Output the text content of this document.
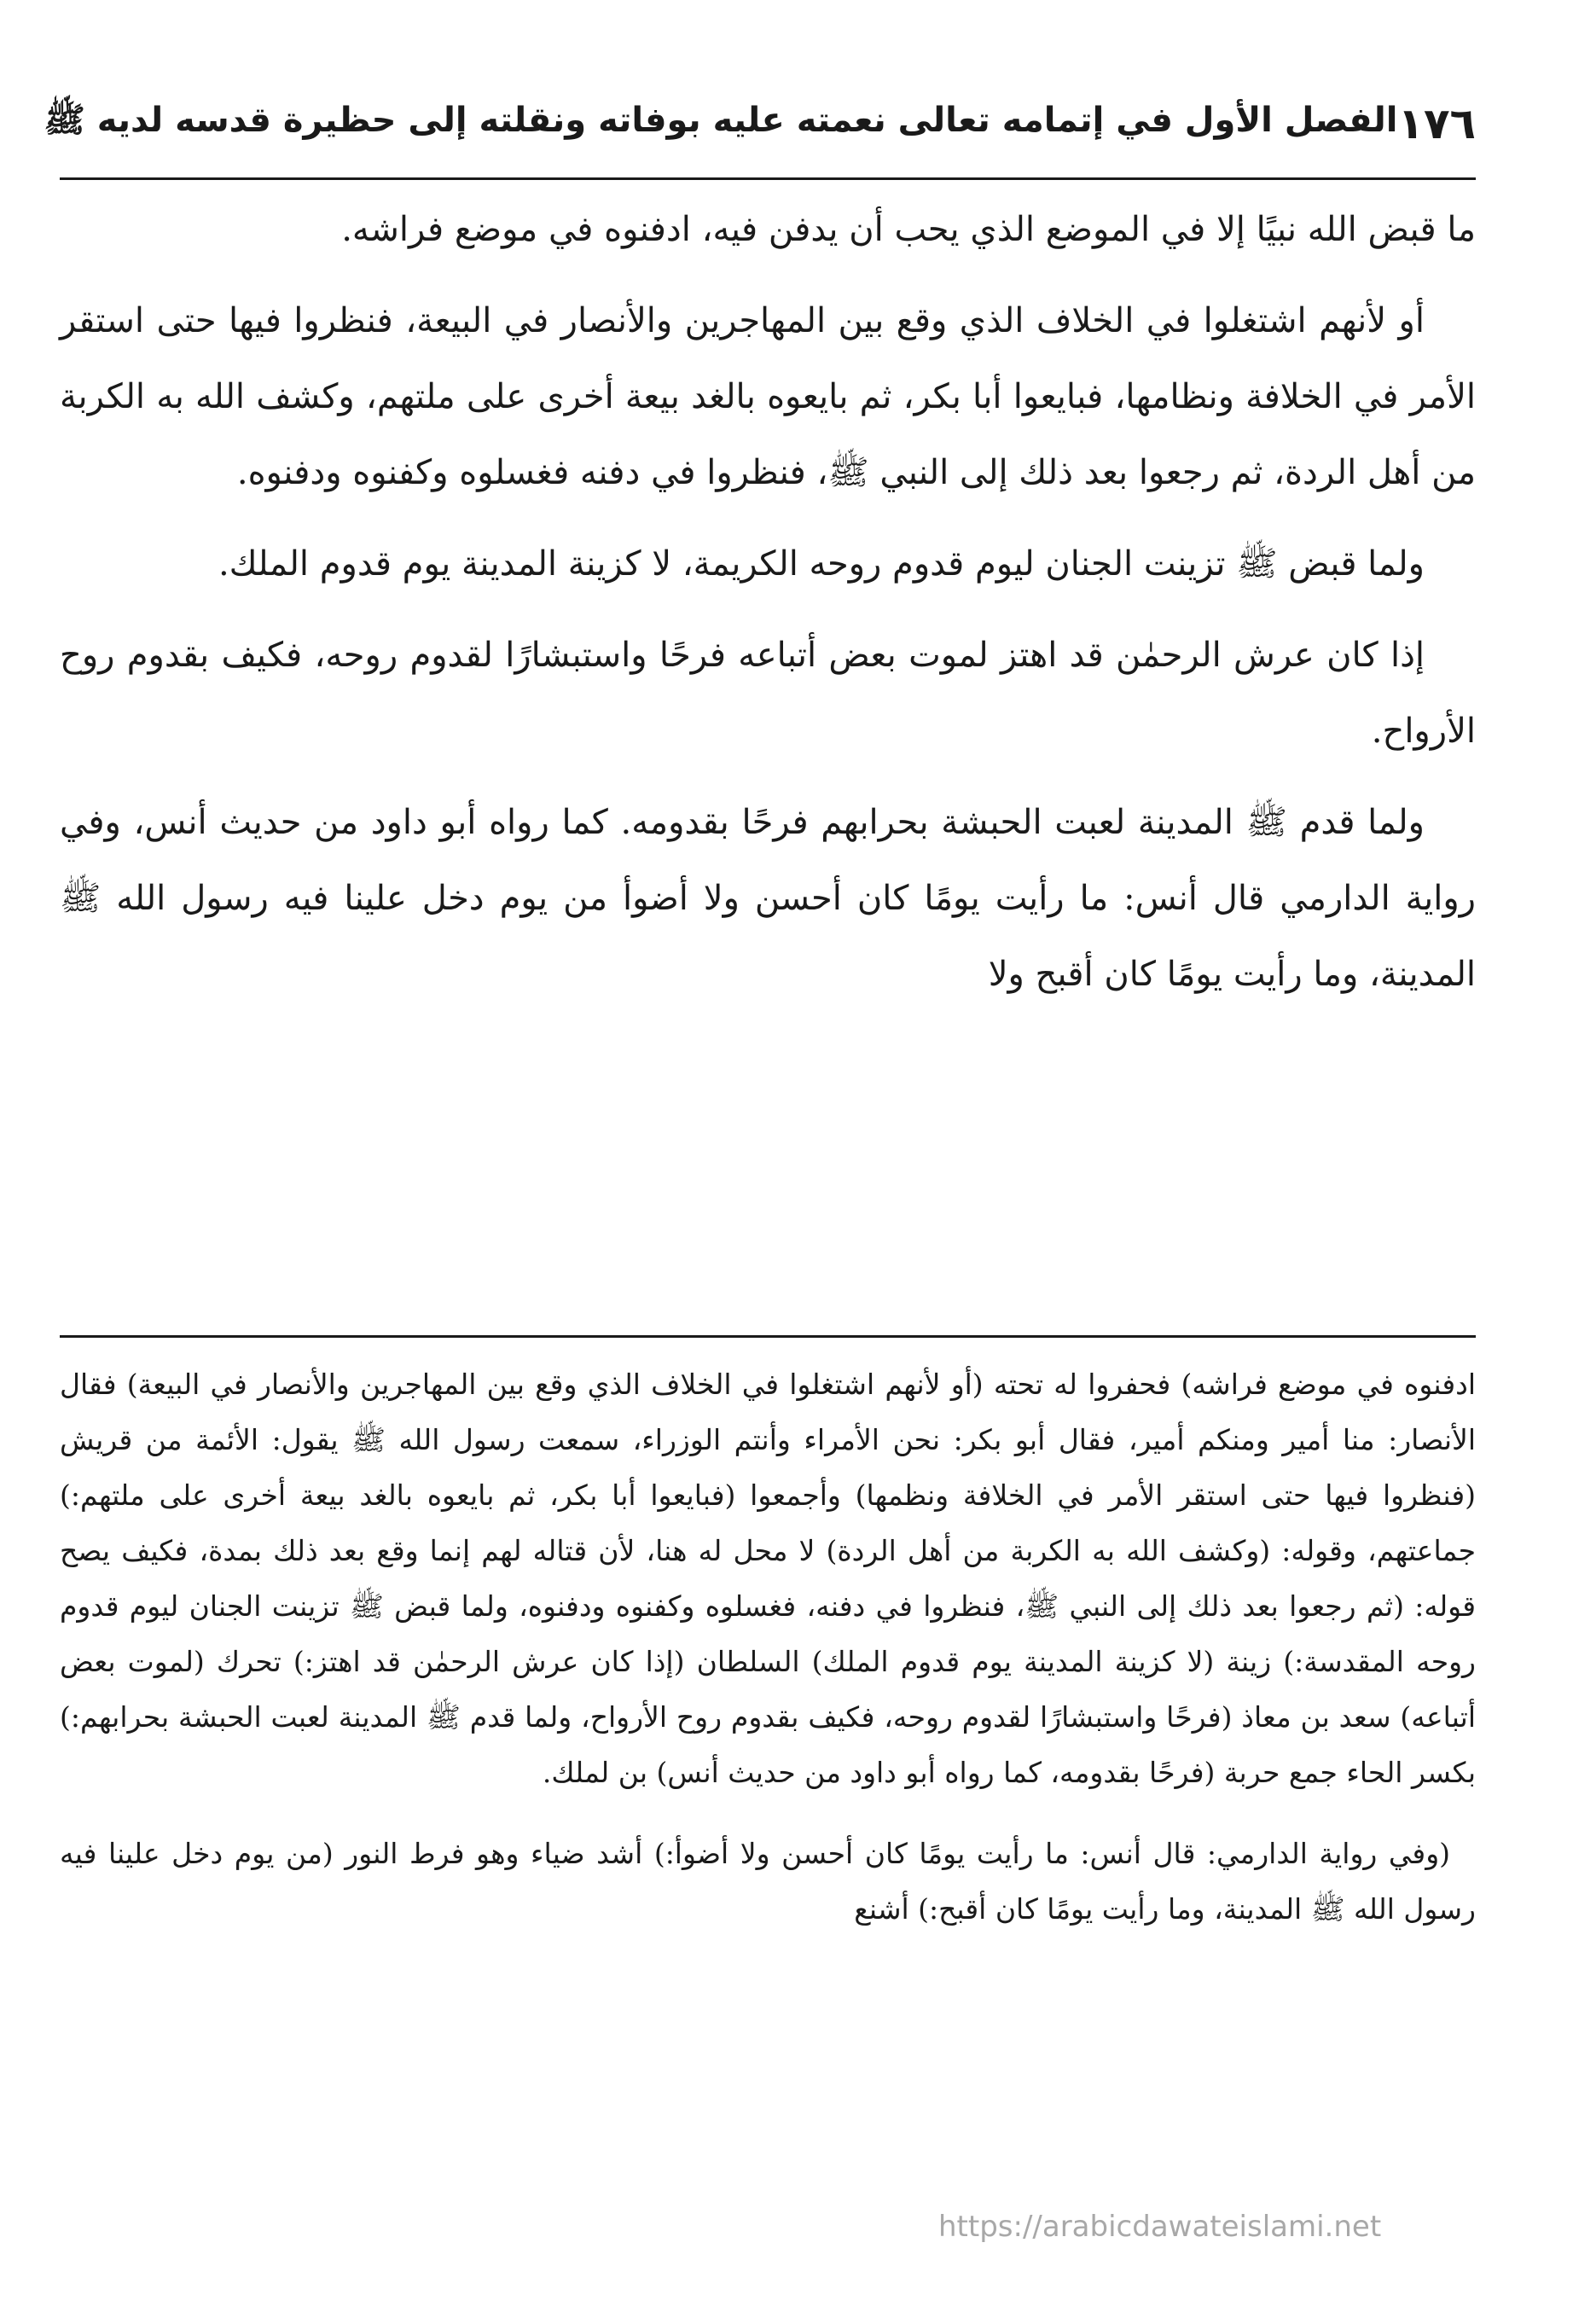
١٧٦
الفصل الأول في إتمامه تعالى نعمته عليه بوفاته ونقلته إلى حظيرة قدسه لديه ﷺ

ما قبض الله نبيًا إلا في الموضع الذي يحب أن يدفن فيه، ادفنوه في موضع فراشه.

أو لأنهم اشتغلوا في الخلاف الذي وقع بين المهاجرين والأنصار في البيعة، فنظروا فيها حتى استقر الأمر في الخلافة ونظامها، فبايعوا أبا بكر، ثم بايعوه بالغد بيعة أخرى على ملتهم، وكشف الله به الكربة من أهل الردة، ثم رجعوا بعد ذلك إلى النبي ﷺ، فنظروا في دفنه فغسلوه وكفنوه ودفنوه.

ولما قبض ﷺ تزينت الجنان ليوم قدوم روحه الكريمة، لا كزينة المدينة يوم قدوم الملك.

إذا كان عرش الرحمٰن قد اهتز لموت بعض أتباعه فرحًا واستبشارًا لقدوم روحه، فكيف بقدوم روح الأرواح.

ولما قدم ﷺ المدينة لعبت الحبشة بحرابهم فرحًا بقدومه. كما رواه أبو داود من حديث أنس، وفي رواية الدارمي قال أنس: ما رأيت يومًا كان أحسن ولا أضوأ من يوم دخل علينا فيه رسول الله ﷺ المدينة، وما رأيت يومًا كان أقبح ولا

ادفنوه في موضع فراشه) فحفروا له تحته (أو لأنهم اشتغلوا في الخلاف الذي وقع بين المهاجرين والأنصار في البيعة) فقال الأنصار: منا أمير ومنكم أمير، فقال أبو بكر: نحن الأمراء وأنتم الوزراء، سمعت رسول الله ﷺ يقول: الأئمة من قريش (فنظروا فيها حتى استقر الأمر في الخلافة ونظمها) وأجمعوا (فبايعوا أبا بكر، ثم بايعوه بالغد بيعة أخرى على ملتهم:) جماعتهم، وقوله: (وكشف الله به الكربة من أهل الردة) لا محل له هنا، لأن قتاله لهم إنما وقع بعد ذلك بمدة، فكيف يصح قوله: (ثم رجعوا بعد ذلك إلى النبي ﷺ، فنظروا في دفنه، فغسلوه وكفنوه ودفنوه، ولما قبض ﷺ تزينت الجنان ليوم قدوم روحه المقدسة:) زينة (لا كزينة المدينة يوم قدوم الملك) السلطان (إذا كان عرش الرحمٰن قد اهتز:) تحرك (لموت بعض أتباعه) سعد بن معاذ (فرحًا واستبشارًا لقدوم روحه، فكيف بقدوم روح الأرواح، ولما قدم ﷺ المدينة لعبت الحبشة بحرابهم:) بكسر الحاء جمع حربة (فرحًا بقدومه، كما رواه أبو داود من حديث أنس) بن لملك.

(وفي رواية الدارمي: قال أنس: ما رأيت يومًا كان أحسن ولا أضوأ:) أشد ضياء وهو فرط النور (من يوم دخل علينا فيه رسول الله ﷺ المدينة، وما رأيت يومًا كان أقبح:) أشنع

https://arabicdawateislami.net
